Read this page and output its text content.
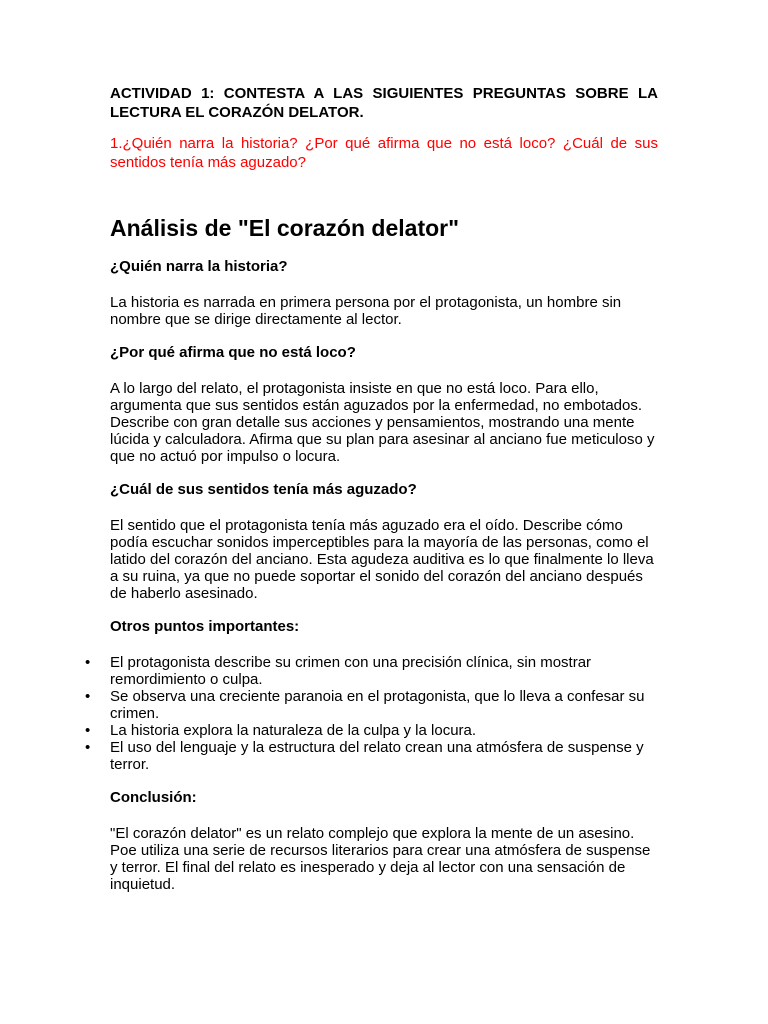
ACTIVIDAD 1: CONTESTA A LAS SIGUIENTES PREGUNTAS SOBRE LA LECTURA EL CORAZÓN DELATOR.

1.¿Quién narra la historia? ¿Por qué afirma que no está loco? ¿Cuál de sus sentidos tenía más aguzado?

Análisis de "El corazón delator"

¿Quién narra la historia?

La historia es narrada en primera persona por el protagonista, un hombre sin nombre que se dirige directamente al lector.

¿Por qué afirma que no está loco?

A lo largo del relato, el protagonista insiste en que no está loco. Para ello, argumenta que sus sentidos están aguzados por la enfermedad, no embotados. Describe con gran detalle sus acciones y pensamientos, mostrando una mente lúcida y calculadora. Afirma que su plan para asesinar al anciano fue meticuloso y que no actuó por impulso o locura.

¿Cuál de sus sentidos tenía más aguzado?

El sentido que el protagonista tenía más aguzado era el oído. Describe cómo podía escuchar sonidos imperceptibles para la mayoría de las personas, como el latido del corazón del anciano. Esta agudeza auditiva es lo que finalmente lo lleva a su ruina, ya que no puede soportar el sonido del corazón del anciano después de haberlo asesinado.

Otros puntos importantes:

• El protagonista describe su crimen con una precisión clínica, sin mostrar remordimiento o culpa.
• Se observa una creciente paranoia en el protagonista, que lo lleva a confesar su crimen.
• La historia explora la naturaleza de la culpa y la locura.
• El uso del lenguaje y la estructura del relato crean una atmósfera de suspense y terror.

Conclusión:

"El corazón delator" es un relato complejo que explora la mente de un asesino. Poe utiliza una serie de recursos literarios para crear una atmósfera de suspense y terror. El final del relato es inesperado y deja al lector con una sensación de inquietud.
